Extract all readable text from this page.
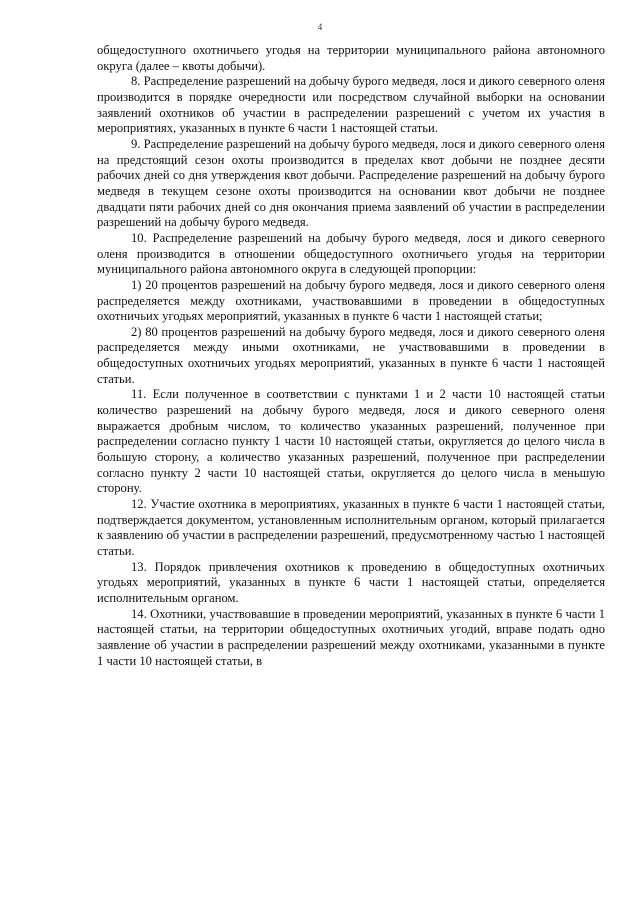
4

общедоступного охотничьего угодья на территории муниципального района автономного округа (далее – квоты добычи).

8. Распределение разрешений на добычу бурого медведя, лося и дикого северного оленя производится в порядке очередности или посредством случайной выборки на основании заявлений охотников об участии в распределении разрешений с учетом их участия в мероприятиях, указанных в пункте 6 части 1 настоящей статьи.

9. Распределение разрешений на добычу бурого медведя, лося и дикого северного оленя на предстоящий сезон охоты производится в пределах квот добычи не позднее десяти рабочих дней со дня утверждения квот добычи. Распределение разрешений на добычу бурого медведя в текущем сезоне охоты производится на основании квот добычи не позднее двадцати пяти рабочих дней со дня окончания приема заявлений об участии в распределении разрешений на добычу бурого медведя.

10. Распределение разрешений на добычу бурого медведя, лося и дикого северного оленя производится в отношении общедоступного охотничьего угодья на территории муниципального района автономного округа в следующей пропорции:

1) 20 процентов разрешений на добычу бурого медведя, лося и дикого северного оленя распределяется между охотниками, участвовавшими в проведении в общедоступных охотничьих угодьях мероприятий, указанных в пункте 6 части 1 настоящей статьи;

2) 80 процентов разрешений на добычу бурого медведя, лося и дикого северного оленя распределяется между иными охотниками, не участвовавшими в проведении в общедоступных охотничьих угодьях мероприятий, указанных в пункте 6 части 1 настоящей статьи.

11. Если полученное в соответствии с пунктами 1 и 2 части 10 настоящей статьи количество разрешений на добычу бурого медведя, лося и дикого северного оленя выражается дробным числом, то количество указанных разрешений, полученное при распределении согласно пункту 1 части 10 настоящей статьи, округляется до целого числа в большую сторону, а количество указанных разрешений, полученное при распределении согласно пункту 2 части 10 настоящей статьи, округляется до целого числа в меньшую сторону.

12. Участие охотника в мероприятиях, указанных в пункте 6 части 1 настоящей статьи, подтверждается документом, установленным исполнительным органом, который прилагается к заявлению об участии в распределении разрешений, предусмотренному частью 1 настоящей статьи.

13. Порядок привлечения охотников к проведению в общедоступных охотничьих угодьях мероприятий, указанных в пункте 6 части 1 настоящей статьи, определяется исполнительным органом.

14. Охотники, участвовавшие в проведении мероприятий, указанных в пункте 6 части 1 настоящей статьи, на территории общедоступных охотничьих угодий, вправе подать одно заявление об участии в распределении разрешений между охотниками, указанными в пункте 1 части 10 настоящей статьи, в
